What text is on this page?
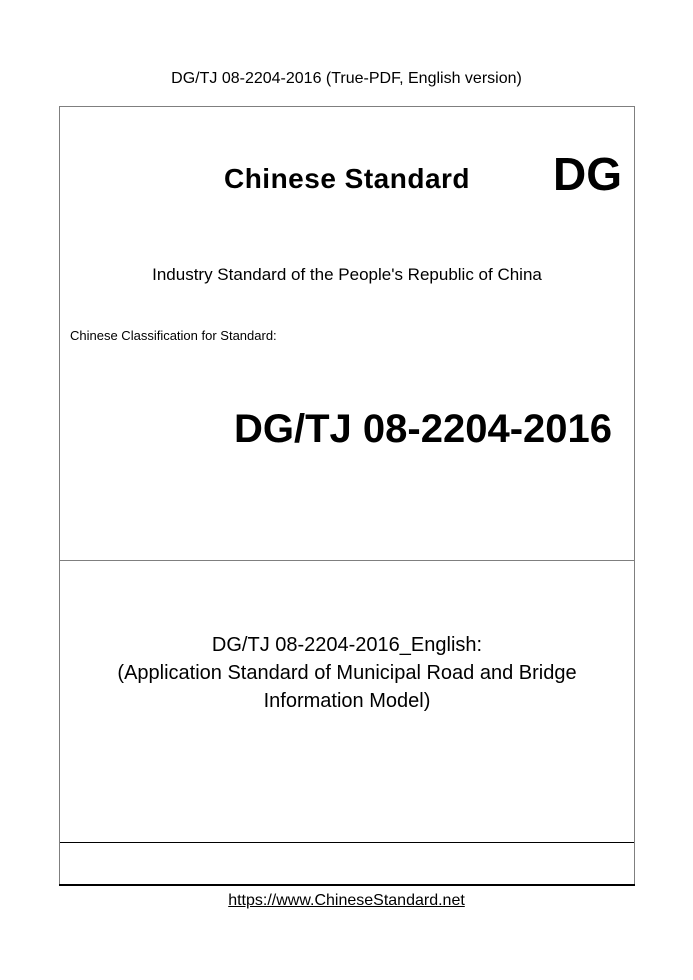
DG/TJ 08-2204-2016 (True-PDF, English version)
Chinese Standard	DG
Industry Standard of the People's Republic of China
Chinese Classification for Standard:
DG/TJ 08-2204-2016
DG/TJ 08-2204-2016_English:
(Application Standard of Municipal Road and Bridge
Information Model)
https://www.ChineseStandard.net
